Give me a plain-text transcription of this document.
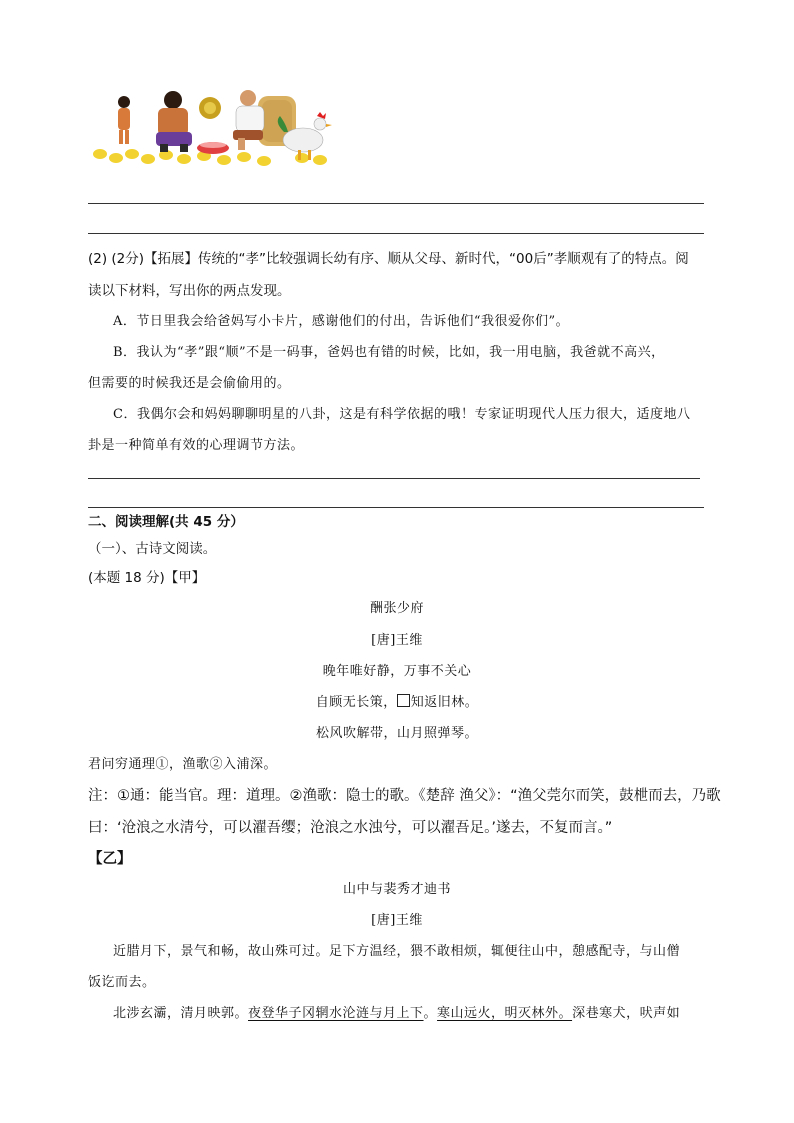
(2) (2分)【拓展】传统的“孝”比较强调长幼有序、顺从父母、新时代，“00后”孝顺观有了的特点。阅
读以下材料，写出你的两点发现。
A．节日里我会给爸妈写小卡片，感谢他们的付出，告诉他们“我很爱你们”。
B．我认为“孝”跟“顺”不是一码事，爸妈也有错的时候，比如，我一用电脑，我爸就不高兴，
但需要的时候我还是会偷偷用的。
C．我偶尔会和妈妈聊聊明星的八卦，这是有科学依据的哦！专家证明现代人压力很大，适度地八
卦是一种简单有效的心理调节方法。
二、阅读理解(共 45 分）
（一）、古诗文阅读。
(本题 18 分)【甲】
酬张少府
[唐]王维
晚年唯好静，万事不关心
自顾无长策， 知返旧林。
松风吹解带，山月照弹琴。
君问穷通理①，渔歌②入浦深。
注：①通：能当官。理：道理。②渔歌：隐士的歌。《楚辞 渔父》：“渔父莞尔而笑，鼓枻而去，乃歌
曰：‘沧浪之水清兮，可以濯吾缨；沧浪之水浊兮，可以濯吾足。’遂去，不复而言。”
【乙】
山中与裴秀才迪书
[唐]王维
近腊月下，景气和畅，故山殊可过。足下方温经，猥不敢相烦，辄便往山中，憩感配寺，与山僧
饭讫而去。
北涉玄灞，清月映郭。夜登华子冈辋水沦涟与月上下。寒山远火，明灭林外。深巷寒犬，吠声如
